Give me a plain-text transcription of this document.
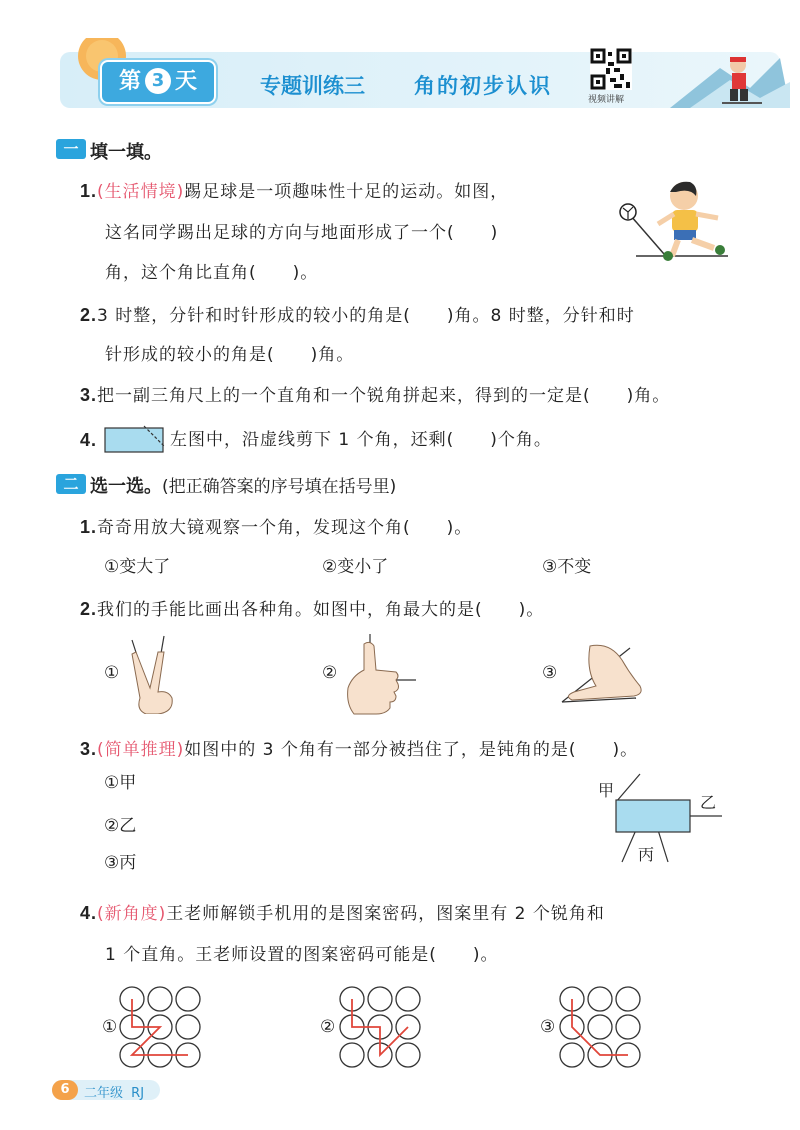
第 3 天	专题训练三 角的初步认识
视频讲解
一 填一填。
1.(生活情境)踢足球是一项趣味性十足的运动。如图，
这名同学踢出足球的方向与地面形成了一个(　　)
角，这个角比直角(　　)。
2.3 时整，分针和时针形成的较小的角是(　　)角。8 时整，分针和时
针形成的较小的角是(　　)角。
3.把一副三角尺上的一个直角和一个锐角拼起来，得到的一定是(　　)角。
4.	左图中，沿虚线剪下 1 个角，还剩(　　)个角。
二 选一选。(把正确答案的序号填在括号里)
1.奇奇用放大镜观察一个角，发现这个角(　　)。
①变大了	②变小了	③不变
2.我们的手能比画出各种角。如图中，角最大的是(　　)。
①	②	③
3.(简单推理)如图中的 3 个角有一部分被挡住了，是钝角的是(　　)。
①甲
②乙
③丙
甲
乙
丙
4.(新角度)王老师解锁手机用的是图案密码，图案里有 2 个锐角和
1 个直角。王老师设置的图案密码可能是(　　)。
①	②	③
6	二年级 RJ
